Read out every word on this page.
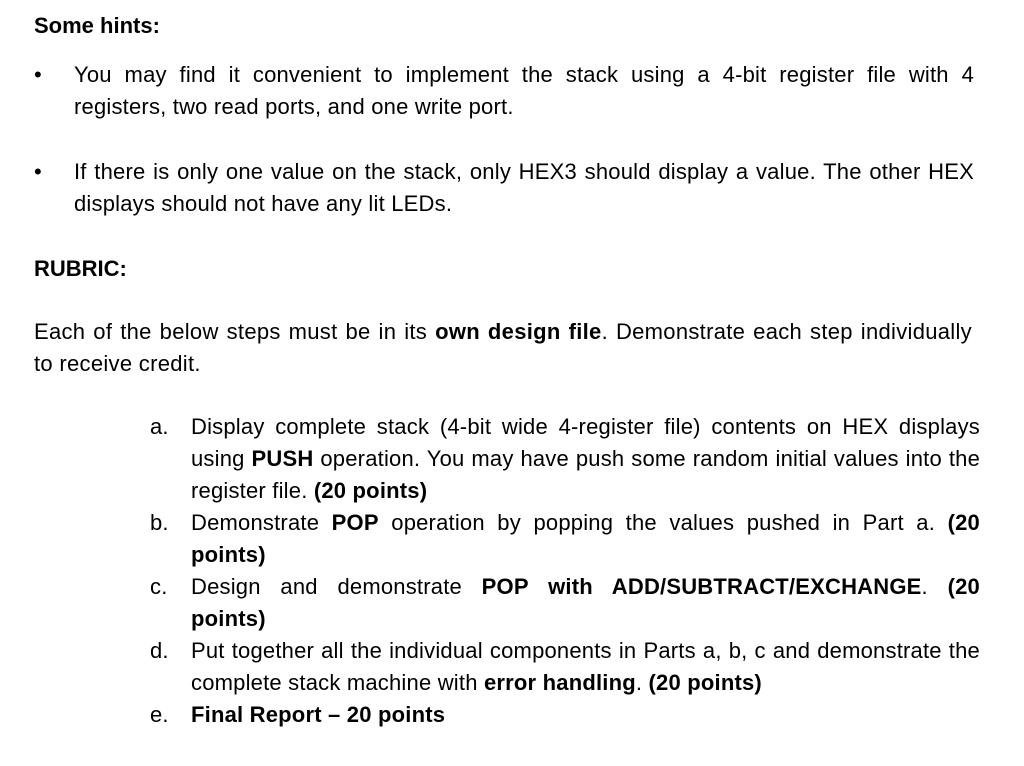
Some hints:
• You may find it convenient to implement the stack using a 4-bit register file with 4 registers, two read ports, and one write port.
• If there is only one value on the stack, only HEX3 should display a value. The other HEX displays should not have any lit LEDs.
RUBRIC:
Each of the below steps must be in its own design file. Demonstrate each step individually to receive credit.
a.	Display complete stack (4-bit wide 4-register file) contents on HEX displays using PUSH operation. You may have push some random initial values into the register file. (20 points)
b.	Demonstrate POP operation by popping the values pushed in Part a. (20 points)
c.	Design and demonstrate POP with ADD/SUBTRACT/EXCHANGE. (20 points)
d.	Put together all the individual components in Parts a, b, c and demonstrate the complete stack machine with error handling. (20 points)
e.	Final Report – 20 points
